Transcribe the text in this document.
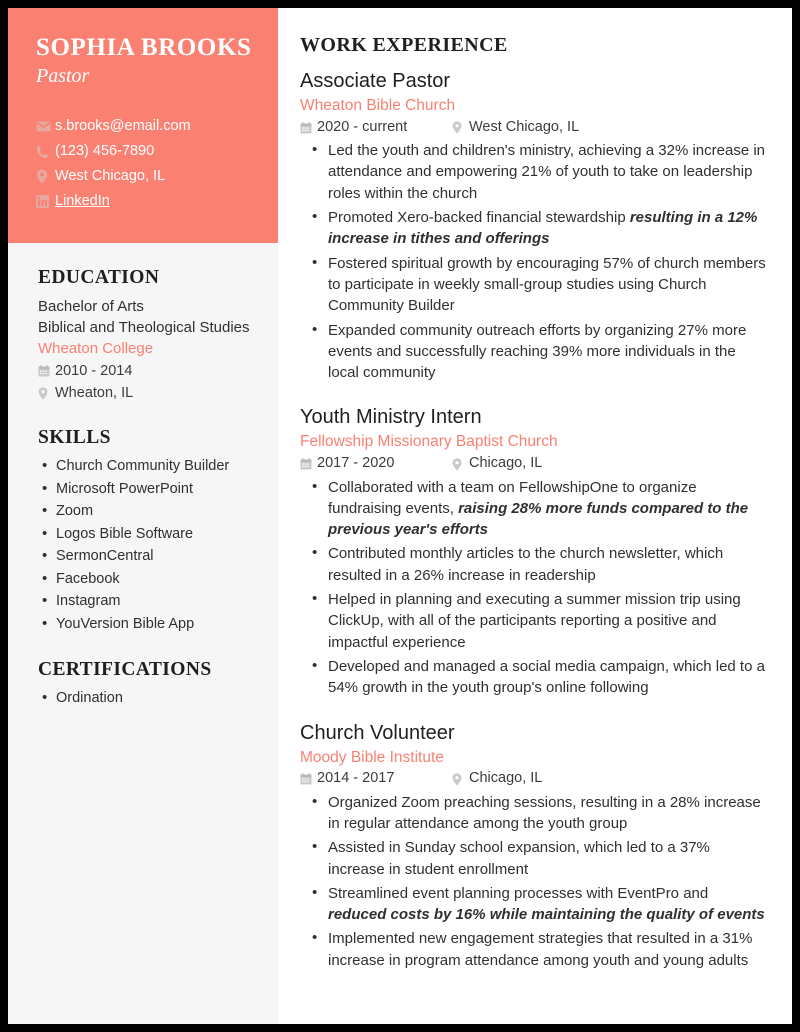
SOPHIA BROOKS
Pastor
s.brooks@email.com
(123) 456-7890
West Chicago, IL
LinkedIn
EDUCATION
Bachelor of Arts
Biblical and Theological Studies
Wheaton College
2010 - 2014
Wheaton, IL
SKILLS
• Church Community Builder
• Microsoft PowerPoint
• Zoom
• Logos Bible Software
• SermonCentral
• Facebook
• Instagram
• YouVersion Bible App
CERTIFICATIONS
• Ordination
WORK EXPERIENCE
Associate Pastor
Wheaton Bible Church
2020 - current	West Chicago, IL
• Led the youth and children's ministry, achieving a 32% increase in attendance and empowering 21% of youth to take on leadership roles within the church
• Promoted Xero-backed financial stewardship resulting in a 12% increase in tithes and offerings
• Fostered spiritual growth by encouraging 57% of church members to participate in weekly small-group studies using Church Community Builder
• Expanded community outreach efforts by organizing 27% more events and successfully reaching 39% more individuals in the local community
Youth Ministry Intern
Fellowship Missionary Baptist Church
2017 - 2020	Chicago, IL
• Collaborated with a team on FellowshipOne to organize fundraising events, raising 28% more funds compared to the previous year's efforts
• Contributed monthly articles to the church newsletter, which resulted in a 26% increase in readership
• Helped in planning and executing a summer mission trip using ClickUp, with all of the participants reporting a positive and impactful experience
• Developed and managed a social media campaign, which led to a 54% growth in the youth group's online following
Church Volunteer
Moody Bible Institute
2014 - 2017	Chicago, IL
• Organized Zoom preaching sessions, resulting in a 28% increase in regular attendance among the youth group
• Assisted in Sunday school expansion, which led to a 37% increase in student enrollment
• Streamlined event planning processes with EventPro and reduced costs by 16% while maintaining the quality of events
• Implemented new engagement strategies that resulted in a 31% increase in program attendance among youth and young adults
